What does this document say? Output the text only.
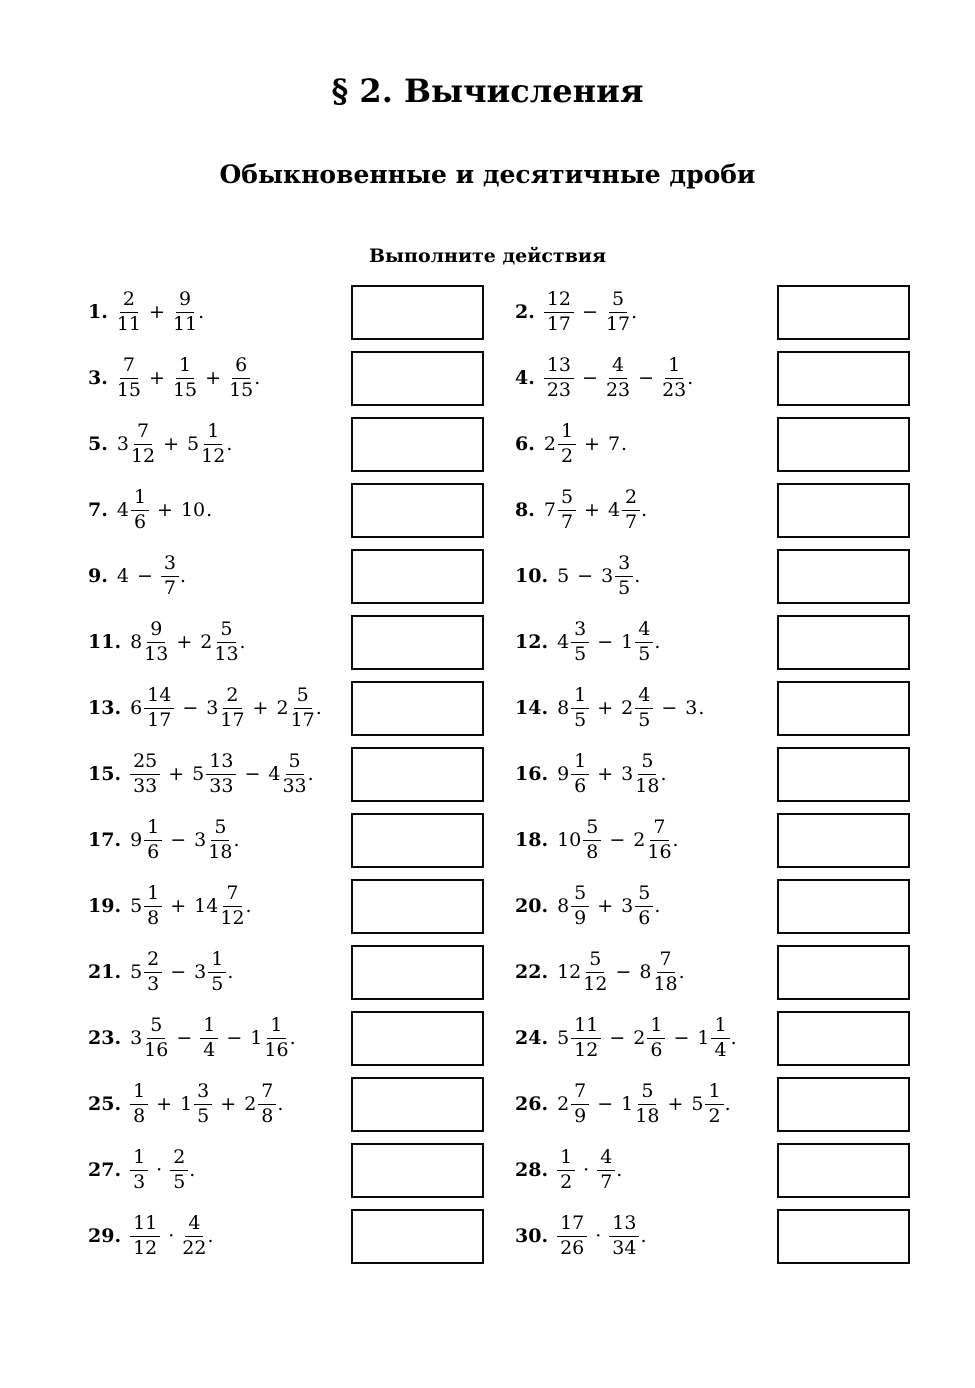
§ 2. Вычисления
Обыкновенные и десятичные дроби
Выполните действия
1. $\frac{2}{11} + \frac{9}{11}$ .	2. $\frac{12}{17} - \frac{5}{17}$ .
3. $\frac{7}{15} + \frac{1}{15} + \frac{6}{15}$ .	4. $\frac{13}{23} - \frac{4}{23} - \frac{1}{23}$ .
5. $3 \frac{7}{12} + 5 \frac{1}{12}$ .	6. $2 \frac{1}{2} + 7$ .
7. $4 \frac{1}{6} + 10$ .	8. $7 \frac{5}{7} + 4 \frac{2}{7}$ .
9. $4 - \frac{3}{7}$ .	10. $5 - 3 \frac{3}{5}$ .
11. $8 \frac{9}{13} + 2 \frac{5}{13}$ .	12. $4 \frac{3}{5} - 1 \frac{4}{5}$ .
13. $6 \frac{14}{17} - 3 \frac{2}{17} + 2 \frac{5}{17}$ .	14. $8 \frac{1}{5} + 2 \frac{4}{5} - 3$ .
15. $\frac{25}{33} + 5 \frac{13}{33} - 4 \frac{5}{33}$ .	16. $9 \frac{1}{6} + 3 \frac{5}{18}$ .
17. $9 \frac{1}{6} - 3 \frac{5}{18}$ .	18. $10 \frac{5}{8} - 2 \frac{7}{16}$ .
19. $5 \frac{1}{8} + 14 \frac{7}{12}$ .	20. $8 \frac{5}{9} + 3 \frac{5}{6}$ .
21. $5 \frac{2}{3} - 3 \frac{1}{5}$ .	22. $12 \frac{5}{12} - 8 \frac{7}{18}$ .
23. $3 \frac{5}{16} - \frac{1}{4} - 1 \frac{1}{16}$ .	24. $5 \frac{11}{12} - 2 \frac{1}{6} - 1 \frac{1}{4}$ .
25. $\frac{1}{8} + 1 \frac{3}{5} + 2 \frac{7}{8}$ .	26. $2 \frac{7}{9} - 1 \frac{5}{18} + 5 \frac{1}{2}$ .
27. $\frac{1}{3} \cdot \frac{2}{5}$ .	28. $\frac{1}{2} \cdot \frac{4}{7}$ .
29. $\frac{11}{12} \cdot \frac{4}{22}$ .	30. $\frac{17}{26} \cdot \frac{13}{34}$ .
